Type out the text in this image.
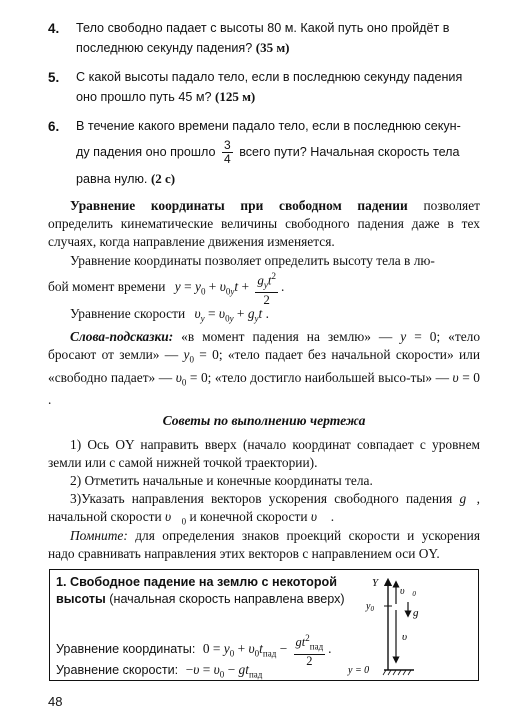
4. Тело свободно падает с высоты 80 м. Какой путь оно пройдёт в последнюю секунду падения? (35 м)
5. С какой высоты падало тело, если в последнюю секунду падения оно прошло путь 45 м? (125 м)
6. В течение какого времени падало тело, если в последнюю секун-
ду падения оно прошло $\frac{3}{4}$ всего пути? Начальная скорость тела
равна нулю. (2 с)
Уравнение координаты при свободном падении позволяет определить кинематические величины свободного падения даже в тех случаях, когда направление движения изменяется.
Уравнение координаты позволяет определить высоту тела в лю-
бой момент времени $y = y_0 + \upsilon_{0y}t + \frac{g_yt^2}{2}$ .
Уравнение скорости $\upsilon_y = \upsilon_{0y} + g_yt$ .
Слова-подсказки: «в момент падения на землю» — y = 0; «тело бросают от земли» — $y_0 = 0$; «тело падает без начальной скорости» или «свободно падает» — $\upsilon_0 = 0$; «тело достигло наибольшей высо-ты» — υ = 0 .
Советы по выполнению чертежа
1) Ось OY направить вверх (начало координат совпадает с уровнем земли или с самой нижней точкой траектории).
2) Отметить начальные и конечные координаты тела.
3)Указать направления векторов ускорения свободного падения g⃗, начальной скорости $\upsilon⃗_0$ и конечной скорости υ⃗ .
Помните: для определения знаков проекций скорости и ускорения надо сравнивать направления этих векторов с направлением оси OY.
1. Свободное падение на землю с некоторой высоты (начальная скорость направлена вверх)
Уравнение координаты: $0 = y_0 + \upsilon_0t_{пад} - \frac{gt^2_{пад}}{2}$ .
Уравнение скорости: $-\upsilon = \upsilon_0 - gt_{пад}$
Y
$y_0$
$\upsilon⃗_0$
g⃗
υ⃗
y = 0
48
